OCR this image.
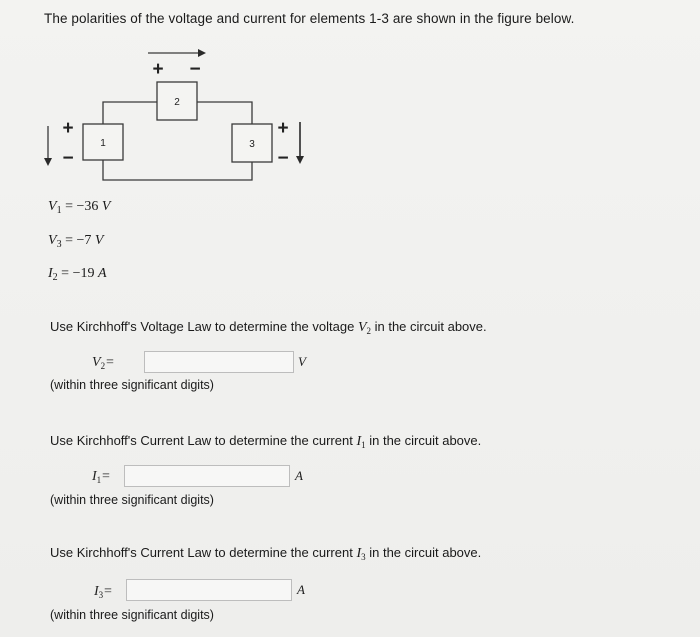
The polarities of the voltage and current for elements 1-3 are shown in the figure below.
1
2
3
+
−
+ −
+
−
$V_1 = -36$ V
$V_3 = -7$ V
$I_2 = -19$ A
Use Kirchhoff's Voltage Law to determine the voltage $V_2$ in the circuit above.
$V_2=$	V
(within three significant digits)
Use Kirchhoff's Current Law to determine the current $I_1$ in the circuit above.
$I_1=$	A
(within three significant digits)
Use Kirchhoff's Current Law to determine the current $I_3$ in the circuit above.
$I_3=$	A
(within three significant digits)
